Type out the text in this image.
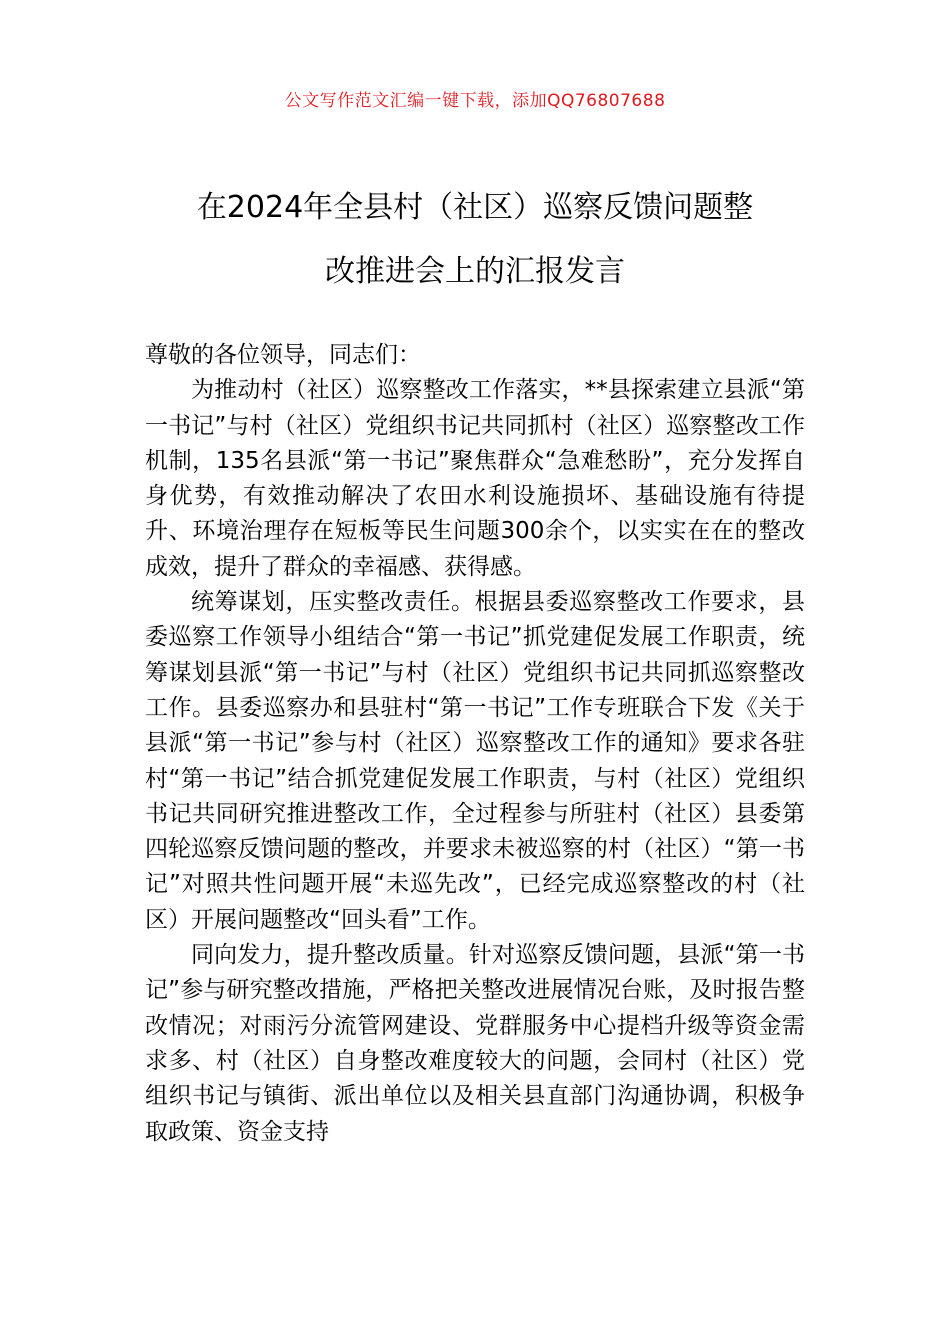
公文写作范文汇编一键下载，添加QQ76807688
在2024年全县村（社区）巡察反馈问题整
改推进会上的汇报发言

尊敬的各位领导，同志们：

为推动村（社区）巡察整改工作落实，**县探索建立县派“第一书记”与村（社区）党组织书记共同抓村（社区）巡察整改工作机制，135名县派“第一书记”聚焦群众“急难愁盼”，充分发挥自身优势，有效推动解决了农田水利设施损坏、基础设施有待提升、环境治理存在短板等民生问题300余个，以实实在在的整改成效，提升了群众的幸福感、获得感。

统筹谋划，压实整改责任。根据县委巡察整改工作要求，县委巡察工作领导小组结合“第一书记”抓党建促发展工作职责，统筹谋划县派“第一书记”与村（社区）党组织书记共同抓巡察整改工作。县委巡察办和县驻村“第一书记”工作专班联合下发《关于县派“第一书记”参与村（社区）巡察整改工作的通知》要求各驻村“第一书记”结合抓党建促发展工作职责，与村（社区）党组织书记共同研究推进整改工作，全过程参与所驻村（社区）县委第四轮巡察反馈问题的整改，并要求未被巡察的村（社区）“第一书记”对照共性问题开展“未巡先改”，已经完成巡察整改的村（社区）开展问题整改“回头看”工作。

同向发力，提升整改质量。针对巡察反馈问题，县派“第一书记”参与研究整改措施，严格把关整改进展情况台账，及时报告整改情况；对雨污分流管网建设、党群服务中心提档升级等资金需求多、村（社区）自身整改难度较大的问题，会同村（社区）党组织书记与镇街、派出单位以及相关县直部门沟通协调，积极争取政策、资金支持
